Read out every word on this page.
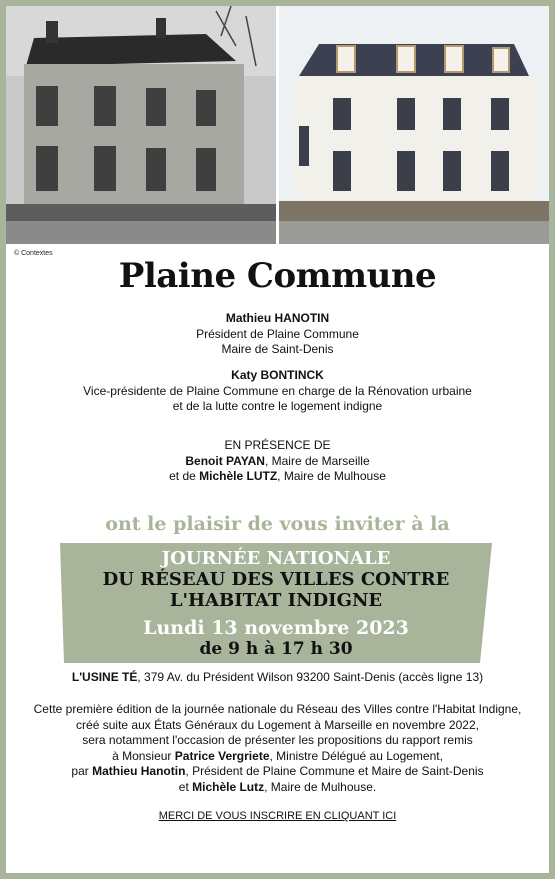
© Contextes
Plaine Commune
Mathieu HANOTIN
Président de Plaine Commune
Maire de Saint-Denis
Katy BONTINCK
Vice-présidente de Plaine Commune en charge de la Rénovation urbaine
et de la lutte contre le logement indigne
EN PRÉSENCE DE
Benoit PAYAN, Maire de Marseille
et de Michèle LUTZ, Maire de Mulhouse
ont le plaisir de vous inviter à la
JOURNÉE NATIONALE
DU RÉSEAU DES VILLES CONTRE
L'HABITAT INDIGNE
Lundi 13 novembre 2023
de 9 h à 17 h 30
L'USINE TÉ, 379 Av. du Président Wilson 93200 Saint-Denis (accès ligne 13)
Cette première édition de la journée nationale du Réseau des Villes contre l'Habitat Indigne,
créé suite aux États Généraux du Logement à Marseille en novembre 2022,
sera notamment l'occasion de présenter les propositions du rapport remis
à Monsieur Patrice Vergriete, Ministre Délégué au Logement,
par Mathieu Hanotin, Président de Plaine Commune et Maire de Saint-Denis
et Michèle Lutz, Maire de Mulhouse.
MERCI DE VOUS INSCRIRE EN CLIQUANT ICI
